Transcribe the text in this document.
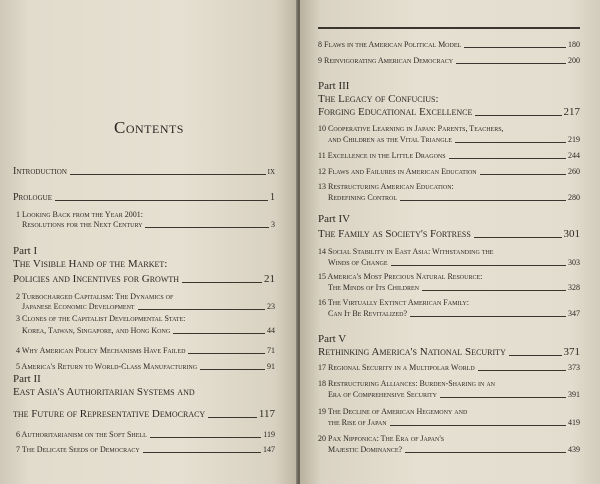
Contents
Introduction	ix
Prologue	1
1 Looking Back from the Year 2001:
Resolutions for the Next Century	3
Part I
The Visible Hand of the Market:
Policies and Incentives for Growth	21
2 Turbocharged Capitalism: The Dynamics of
Japanese Economic Development	23
3 Clones of the Capitalist Developmental State:
Korea, Taiwan, Singapore, and Hong Kong	44
4 Why American Policy Mechanisms Have Failed	71
5 America's Return to World-Class Manufacturing	91
Part II
East Asia's Authoritarian Systems and
the Future of Representative Democracy	117
6 Authoritarianism on the Soft Shell	119
7 The Delicate Seeds of Democracy	147
8 Flaws in the American Political Model	180
9 Reinvigorating American Democracy	200
Part III
The Legacy of Confucius:
Forging Educational Excellence	217
10 Cooperative Learning in Japan: Parents, Teachers,
and Children as the Vital Triangle	219
11 Excellence in the Little Dragons	244
12 Flaws and Failures in American Education	260
13 Restructuring American Education:
Redefining Control	280
Part IV
The Family as Society's Fortress	301
14 Social Stability in East Asia: Withstanding the
Winds of Change	303
15 America's Most Precious Natural Resource:
The Minds of Its Children	328
16 The Virtually Extinct American Family:
Can It Be Revitalized?	347
Part V
Rethinking America's National Security	371
17 Regional Security in a Multipolar World	373
18 Restructuring Alliances: Burden-Sharing in an
Era of Comprehensive Security	391
19 The Decline of American Hegemony and
the Rise of Japan	419
20 Pax Nipponica: The Era of Japan's
Majestic Dominance?	439
